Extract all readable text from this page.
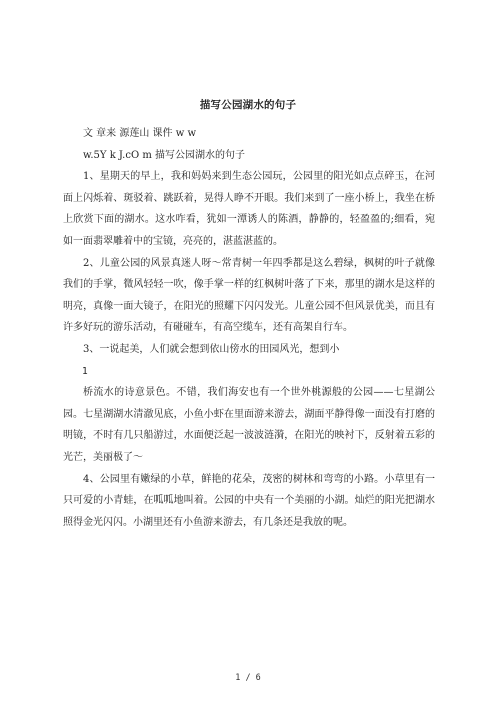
描写公园湖水的句子

文 章来 源莲山 课件 w w

w.5Y k J.cO m 描写公园湖水的句子

1、星期天的早上，我和妈妈来到生态公园玩，公园里的阳光如点点碎玉，在河面上闪烁着、斑驳着、跳跃着，晃得人睁不开眼。我们来到了一座小桥上，我坐在桥上欣赏下面的湖水。这水咋看，犹如一潭诱人的陈酒，静静的，轻盈盈的;细看，宛如一面翡翠雕着中的宝镜，亮亮的，湛蓝湛蓝的。

2、儿童公园的风景真迷人呀～常青树一年四季都是这么碧绿，枫树的叶子就像我们的手掌，微风轻轻一吹，像手掌一样的红枫树叶落了下来，那里的湖水是这样的明亮，真像一面大镜子，在阳光的照耀下闪闪发光。儿童公园不但风景优美，而且有许多好玩的游乐活动，有碰碰车，有高空缆车，还有高架自行车。

3、一说起美，人们就会想到依山傍水的田园风光，想到小

1

桥流水的诗意景色。不错，我们海安也有一个世外桃源般的公园——七星湖公园。七星湖湖水清澈见底，小鱼小虾在里面游来游去，湖面平静得像一面没有打磨的明镜，不时有几只船游过，水面便泛起一波波涟漪，在阳光的映衬下，反射着五彩的光芒，美丽极了～

4、公园里有嫩绿的小草，鲜艳的花朵，茂密的树林和弯弯的小路。小草里有一只可爱的小青蛙，在呱呱地叫着。公园的中央有一个美丽的小湖。灿烂的阳光把湖水照得金光闪闪。小湖里还有小鱼游来游去，有几条还是我放的呢。

1 / 6
